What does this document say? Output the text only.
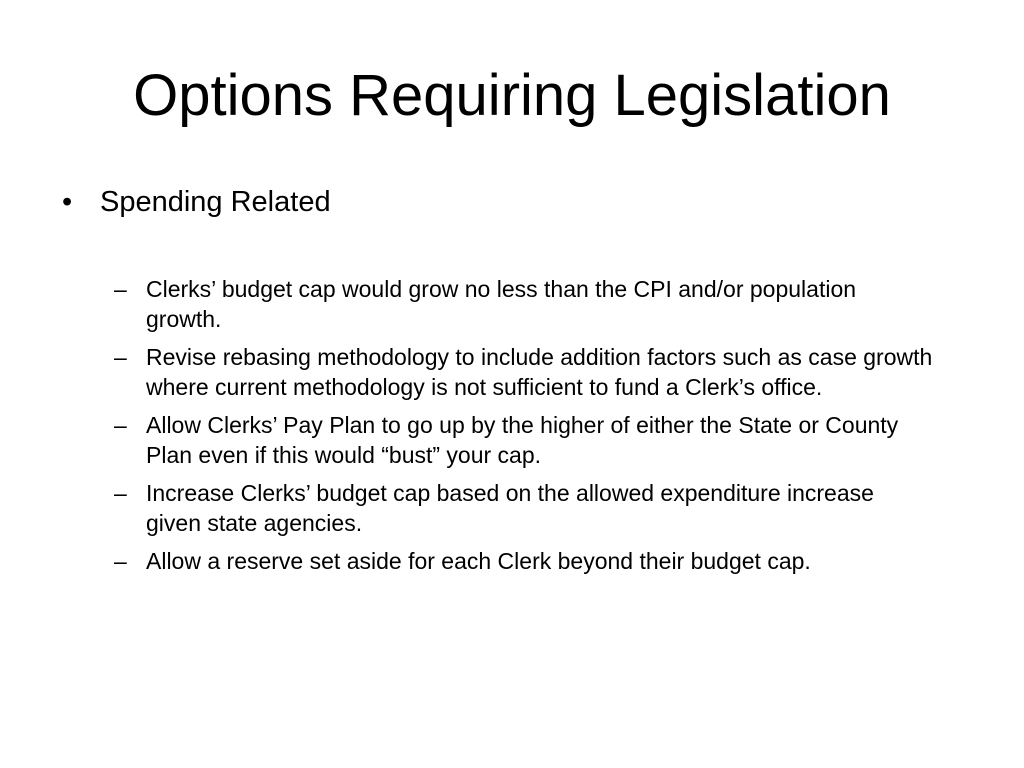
Options Requiring Legislation
• Spending Related
– Clerks’ budget cap would grow no less than the CPI and/or population growth.
– Revise rebasing methodology to include addition factors such as case growth where current methodology is not sufficient to fund a Clerk’s office.
– Allow Clerks’ Pay Plan to go up by the higher of either the State or County Plan even if this would “bust” your cap.
– Increase Clerks’ budget cap based on the allowed expenditure increase given state agencies.
– Allow a reserve set aside for each Clerk beyond their budget cap.
